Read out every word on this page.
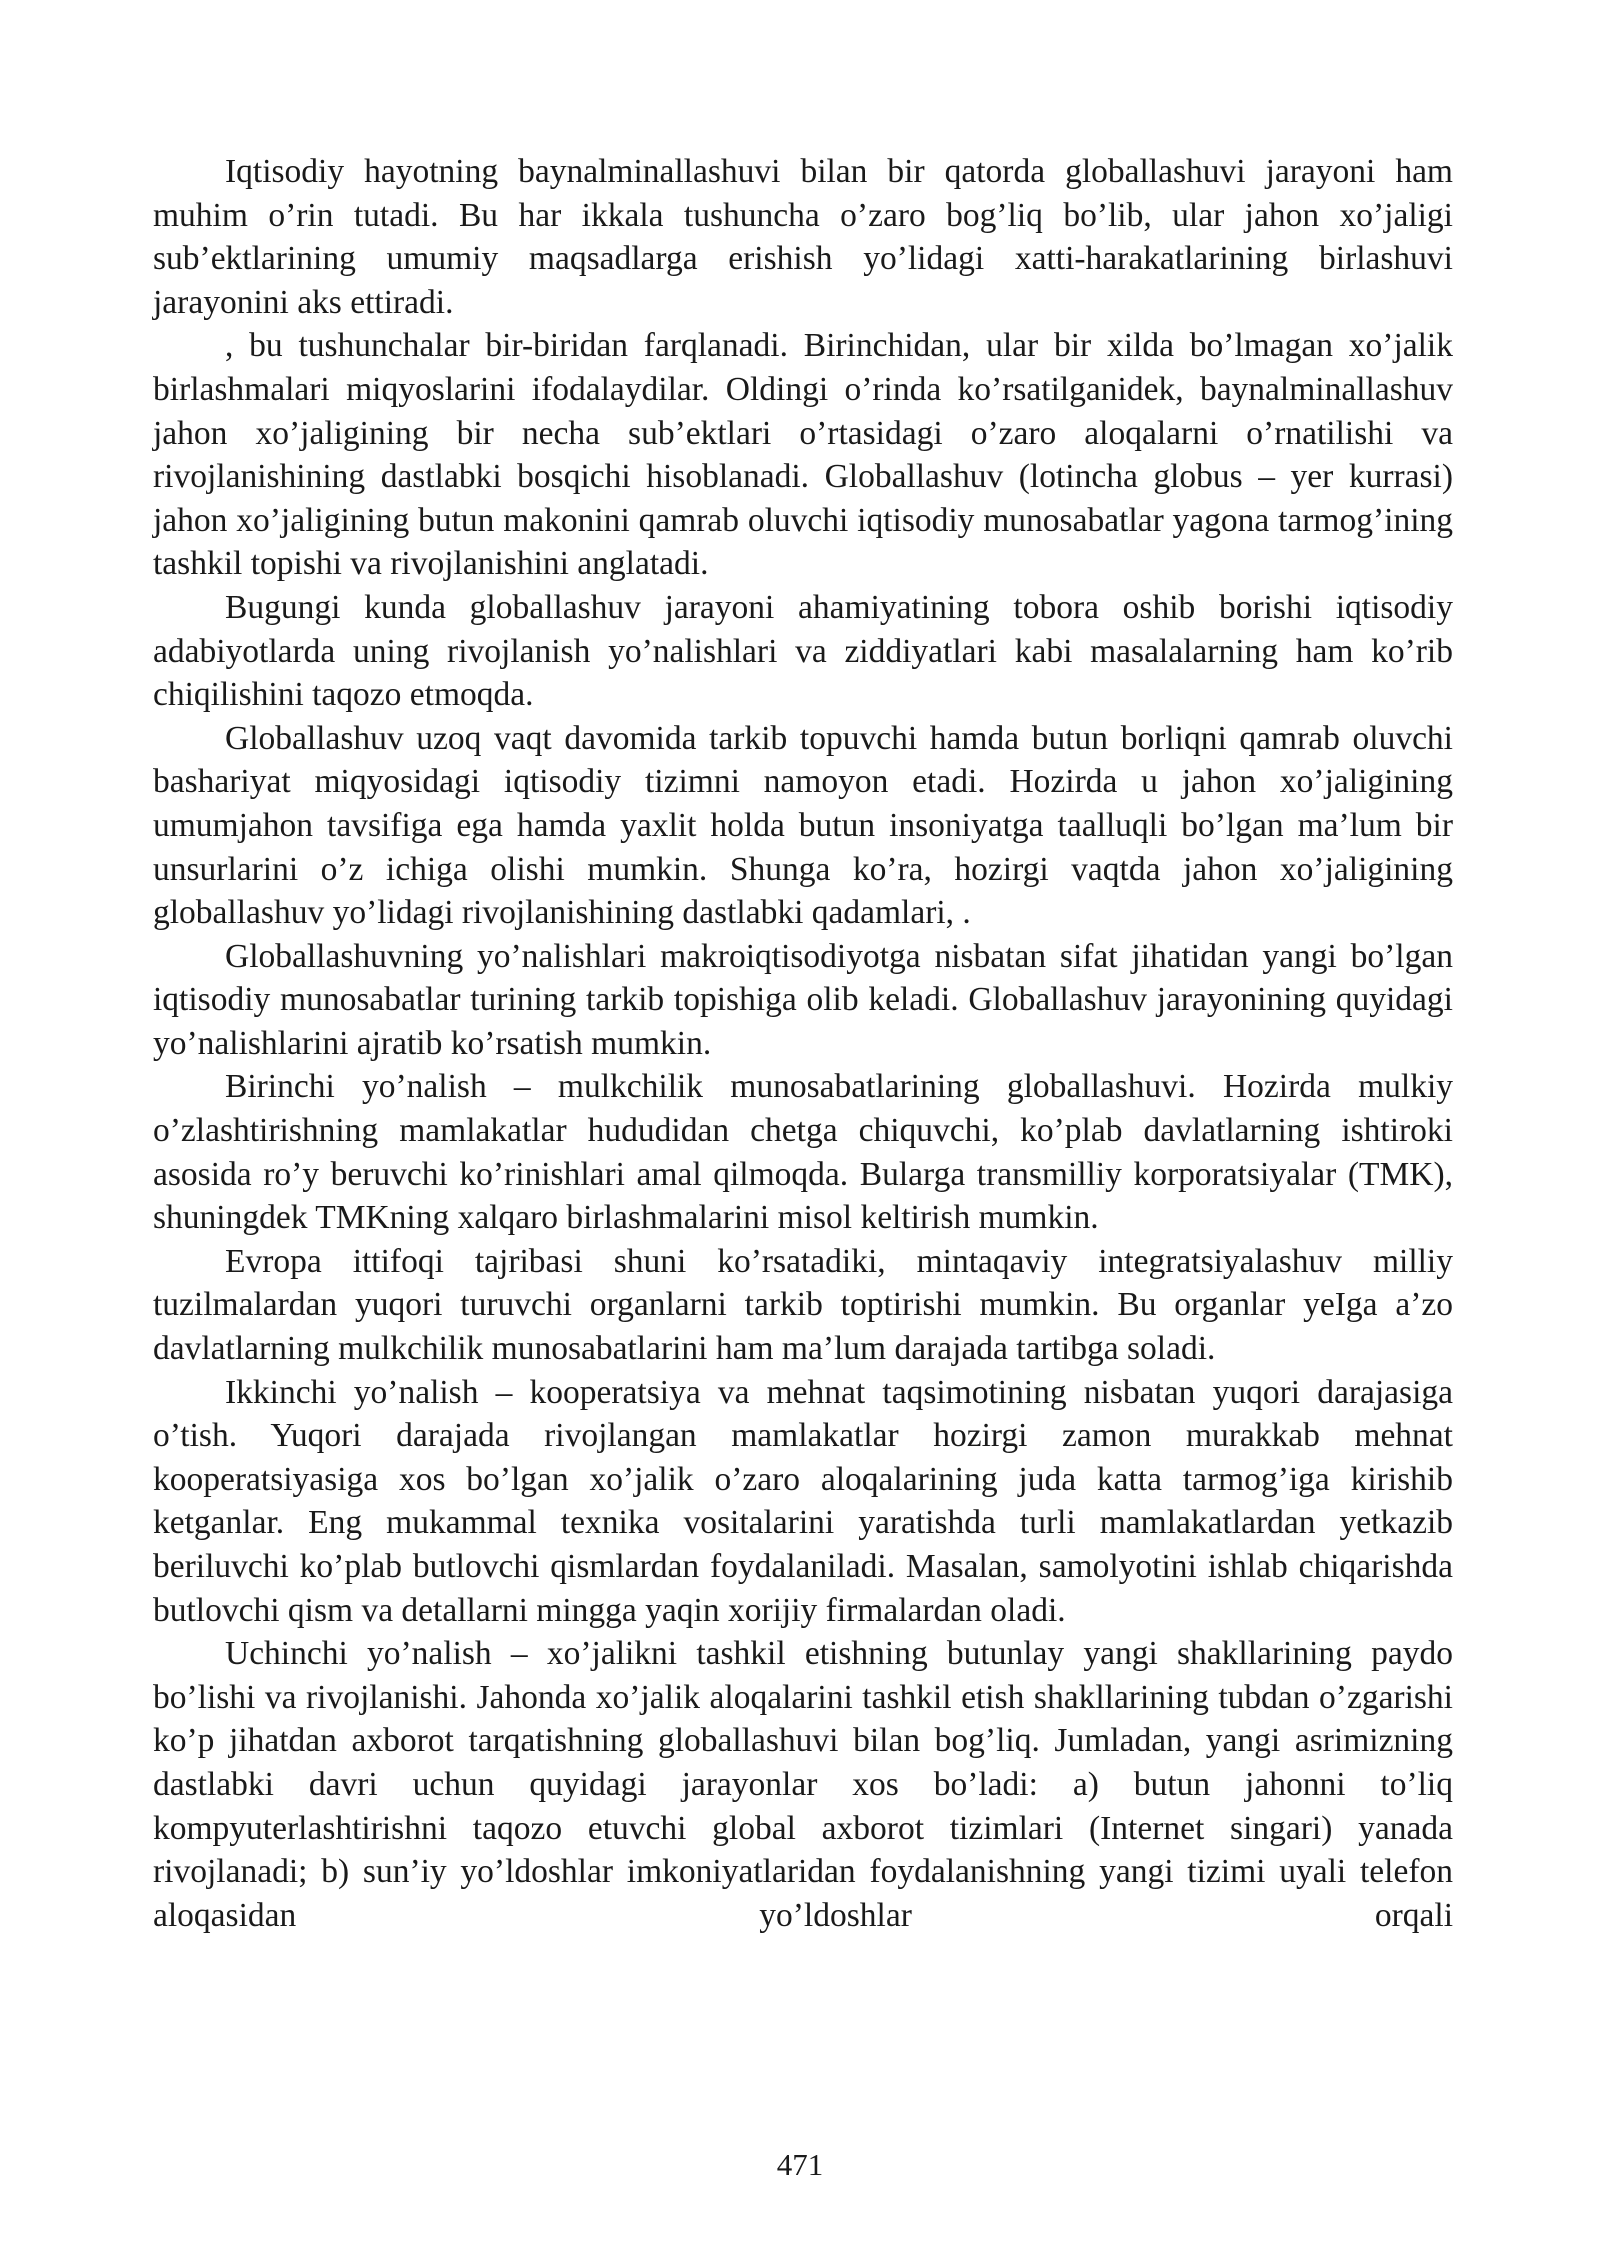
Iqtisodiy hayotning baynalminallashuvi bilan bir qatorda globallashuvi jarayoni ham muhim o’rin tutadi. Bu har ikkala tushuncha o’zaro bog’liq bo’lib, ular jahon xo’jaligi sub’ektlarining umumiy maqsadlarga erishish yo’lidagi xatti-harakatlarining birlashuvi jarayonini aks ettiradi.

, bu tushunchalar bir-biridan farqlanadi. Birinchidan, ular bir xilda bo’lmagan xo’jalik birlashmalari miqyoslarini ifodalaydilar. Oldingi o’rinda ko’rsatilganidek, baynalminallashuv jahon xo’jaligining bir necha sub’ektlari o’rtasidagi o’zaro aloqalarni o’rnatilishi va rivojlanishining dastlabki bosqichi hisoblanadi. Globallashuv (lotincha globus – yer kurrasi) jahon xo’jaligining butun makonini qamrab oluvchi iqtisodiy munosabatlar yagona tarmog’ining tashkil topishi va rivojlanishini anglatadi.

Bugungi kunda globallashuv jarayoni ahamiyatining tobora oshib borishi iqtisodiy adabiyotlarda uning rivojlanish yo’nalishlari va ziddiyatlari kabi masalalarning ham ko’rib chiqilishini taqozo etmoqda.

Globallashuv uzoq vaqt davomida tarkib topuvchi hamda butun borliqni qamrab oluvchi bashariyat miqyosidagi iqtisodiy tizimni namoyon etadi. Hozirda u jahon xo’jaligining umumjahon tavsifiga ega hamda yaxlit holda butun insoniyatga taalluqli bo’lgan ma’lum bir unsurlarini o’z ichiga olishi mumkin. Shunga ko’ra, hozirgi vaqtda jahon xo’jaligining globallashuv yo’lidagi rivojlanishining dastlabki qadamlari, .

Globallashuvning yo’nalishlari makroiqtisodiyotga nisbatan sifat jihatidan yangi bo’lgan iqtisodiy munosabatlar turining tarkib topishiga olib keladi. Globallashuv jarayonining quyidagi yo’nalishlarini ajratib ko’rsatish mumkin.

Birinchi yo’nalish – mulkchilik munosabatlarining globallashuvi. Hozirda mulkiy o’zlashtirishning mamlakatlar hududidan chetga chiquvchi, ko’plab davlatlarning ishtiroki asosida ro’y beruvchi ko’rinishlari amal qilmoqda. Bularga transmilliy korporatsiyalar (TMK), shuningdek TMKning xalqaro birlashmalarini misol keltirish mumkin.

Evropa ittifoqi tajribasi shuni ko’rsatadiki, mintaqaviy integratsiyalashuv milliy tuzilmalardan yuqori turuvchi organlarni tarkib toptirishi mumkin. Bu organlar yeIga a’zo davlatlarning mulkchilik munosabatlarini ham ma’lum darajada tartibga soladi.

Ikkinchi yo’nalish – kooperatsiya va mehnat taqsimotining nisbatan yuqori darajasiga o’tish. Yuqori darajada rivojlangan mamlakatlar hozirgi zamon murakkab mehnat kooperatsiyasiga xos bo’lgan xo’jalik o’zaro aloqalarining juda katta tarmog’iga kirishib ketganlar. Eng mukammal texnika vositalarini yaratishda turli mamlakatlardan yetkazib beriluvchi ko’plab butlovchi qismlardan foydalaniladi. Masalan, samolyotini ishlab chiqarishda butlovchi qism va detallarni mingga yaqin xorijiy firmalardan oladi.

Uchinchi yo’nalish – xo’jalikni tashkil etishning butunlay yangi shakllarining paydo bo’lishi va rivojlanishi. Jahonda xo’jalik aloqalarini tashkil etish shakllarining tubdan o’zgarishi ko’p jihatdan axborot tarqatishning globallashuvi bilan bog’liq. Jumladan, yangi asrimizning dastlabki davri uchun quyidagi jarayonlar xos bo’ladi: a) butun jahonni to’liq kompyuterlashtirishni taqozo etuvchi global axborot tizimlari (Internet singari) yanada rivojlanadi; b) sun’iy yo’ldoshlar imkoniyatlaridan foydalanishning yangi tizimi uyali telefon aloqasidan yo’ldoshlar orqali

471
